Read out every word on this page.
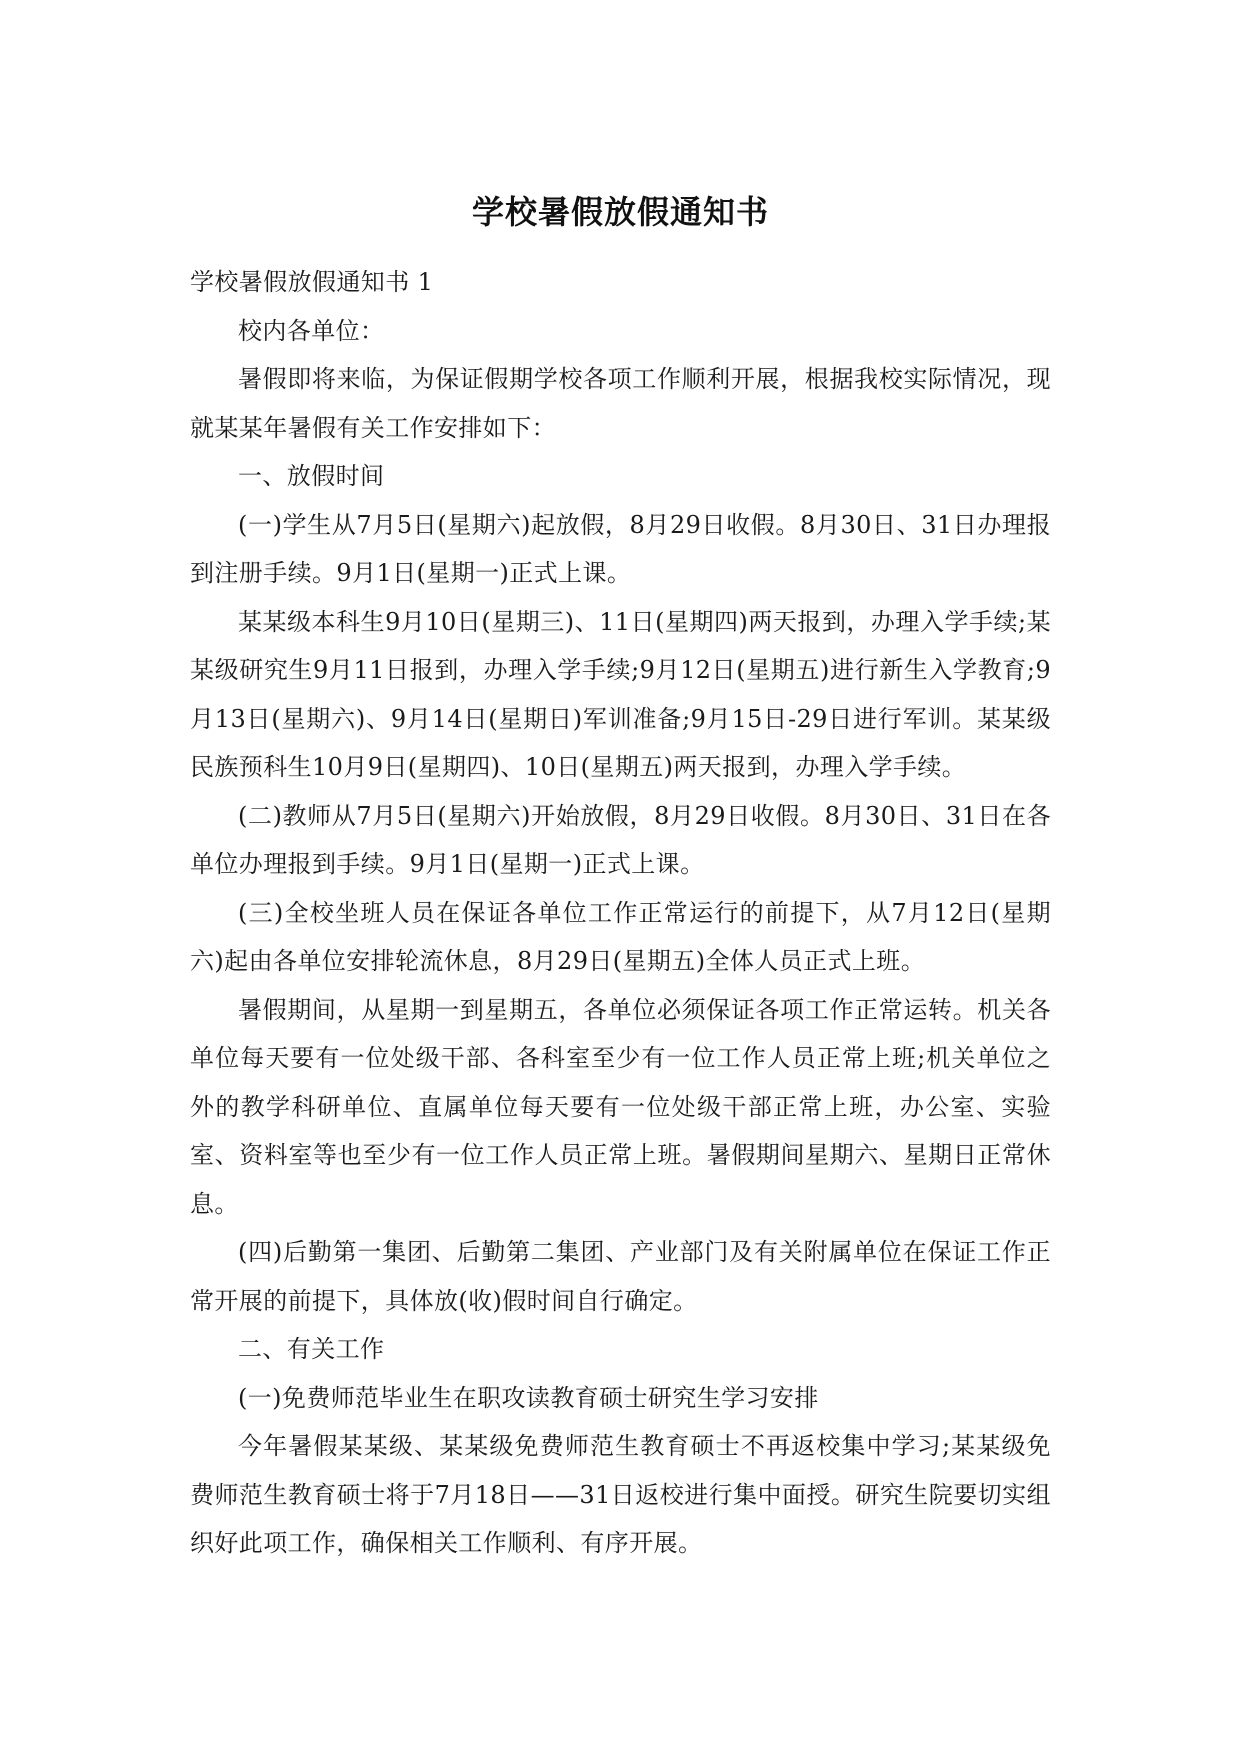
学校暑假放假通知书

学校暑假放假通知书 1

校内各单位：

暑假即将来临，为保证假期学校各项工作顺利开展，根据我校实际情况，现就某某年暑假有关工作安排如下：

一、放假时间

(一)学生从7月5日(星期六)起放假，8月29日收假。8月30日、31日办理报到注册手续。9月1日(星期一)正式上课。

某某级本科生9月10日(星期三)、11日(星期四)两天报到，办理入学手续;某某级研究生9月11日报到，办理入学手续;9月12日(星期五)进行新生入学教育;9月13日(星期六)、9月14日(星期日)军训准备;9月15日-29日进行军训。某某级民族预科生10月9日(星期四)、10日(星期五)两天报到，办理入学手续。

(二)教师从7月5日(星期六)开始放假，8月29日收假。8月30日、31日在各单位办理报到手续。9月1日(星期一)正式上课。

(三)全校坐班人员在保证各单位工作正常运行的前提下，从7月12日(星期六)起由各单位安排轮流休息，8月29日(星期五)全体人员正式上班。

暑假期间，从星期一到星期五，各单位必须保证各项工作正常运转。机关各单位每天要有一位处级干部、各科室至少有一位工作人员正常上班;机关单位之外的教学科研单位、直属单位每天要有一位处级干部正常上班，办公室、实验室、资料室等也至少有一位工作人员正常上班。暑假期间星期六、星期日正常休息。

(四)后勤第一集团、后勤第二集团、产业部门及有关附属单位在保证工作正常开展的前提下，具体放(收)假时间自行确定。

二、有关工作

(一)免费师范毕业生在职攻读教育硕士研究生学习安排

今年暑假某某级、某某级免费师范生教育硕士不再返校集中学习;某某级免费师范生教育硕士将于7月18日——31日返校进行集中面授。研究生院要切实组织好此项工作，确保相关工作顺利、有序开展。
